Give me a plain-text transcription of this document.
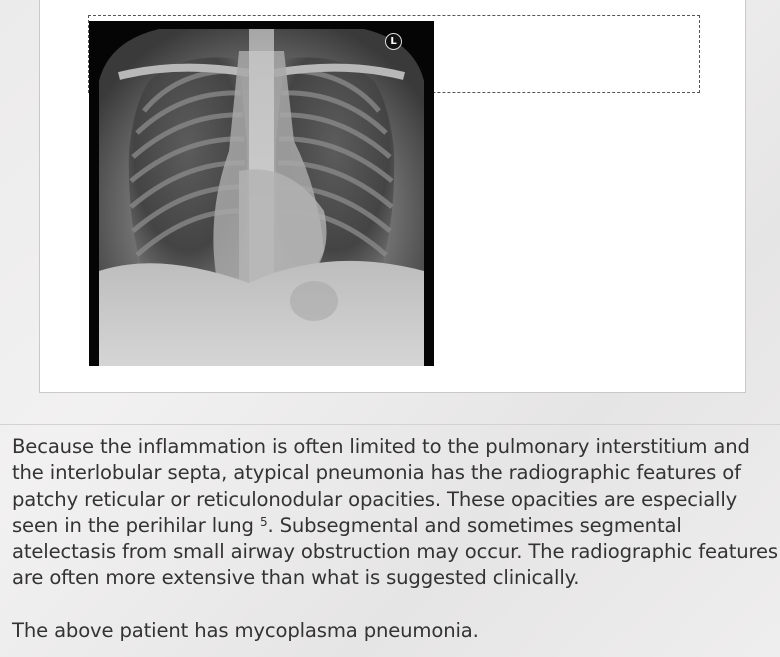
L

Because the inflammation is often limited to the pulmonary interstitium and the interlobular septa, atypical pneumonia has the radiographic features of patchy reticular or reticulonodular opacities. These opacities are especially seen in the perihilar lung $^5$. Subsegmental and sometimes segmental atelectasis from small airway obstruction may occur. The radiographic features are often more extensive than what is suggested clinically.

The above patient has mycoplasma pneumonia.
